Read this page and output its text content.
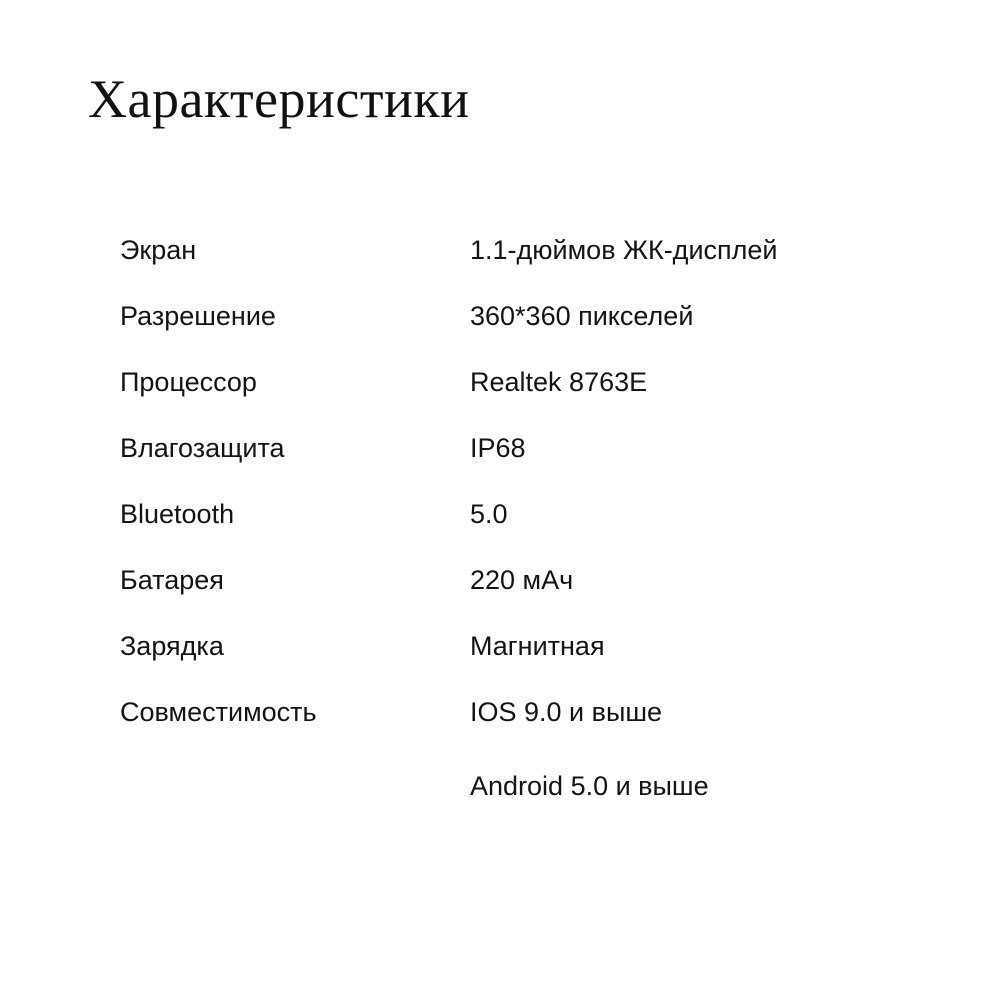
Характеристики
Экран	1.1-дюймов ЖК-дисплей
Разрешение	360*360 пикселей
Процессор	Realtek 8763E
Влагозащита	IP68
Bluetooth	5.0
Батарея	220 мАч
Зарядка	Магнитная
Совместимость	IOS 9.0 и выше
Android 5.0 и выше
